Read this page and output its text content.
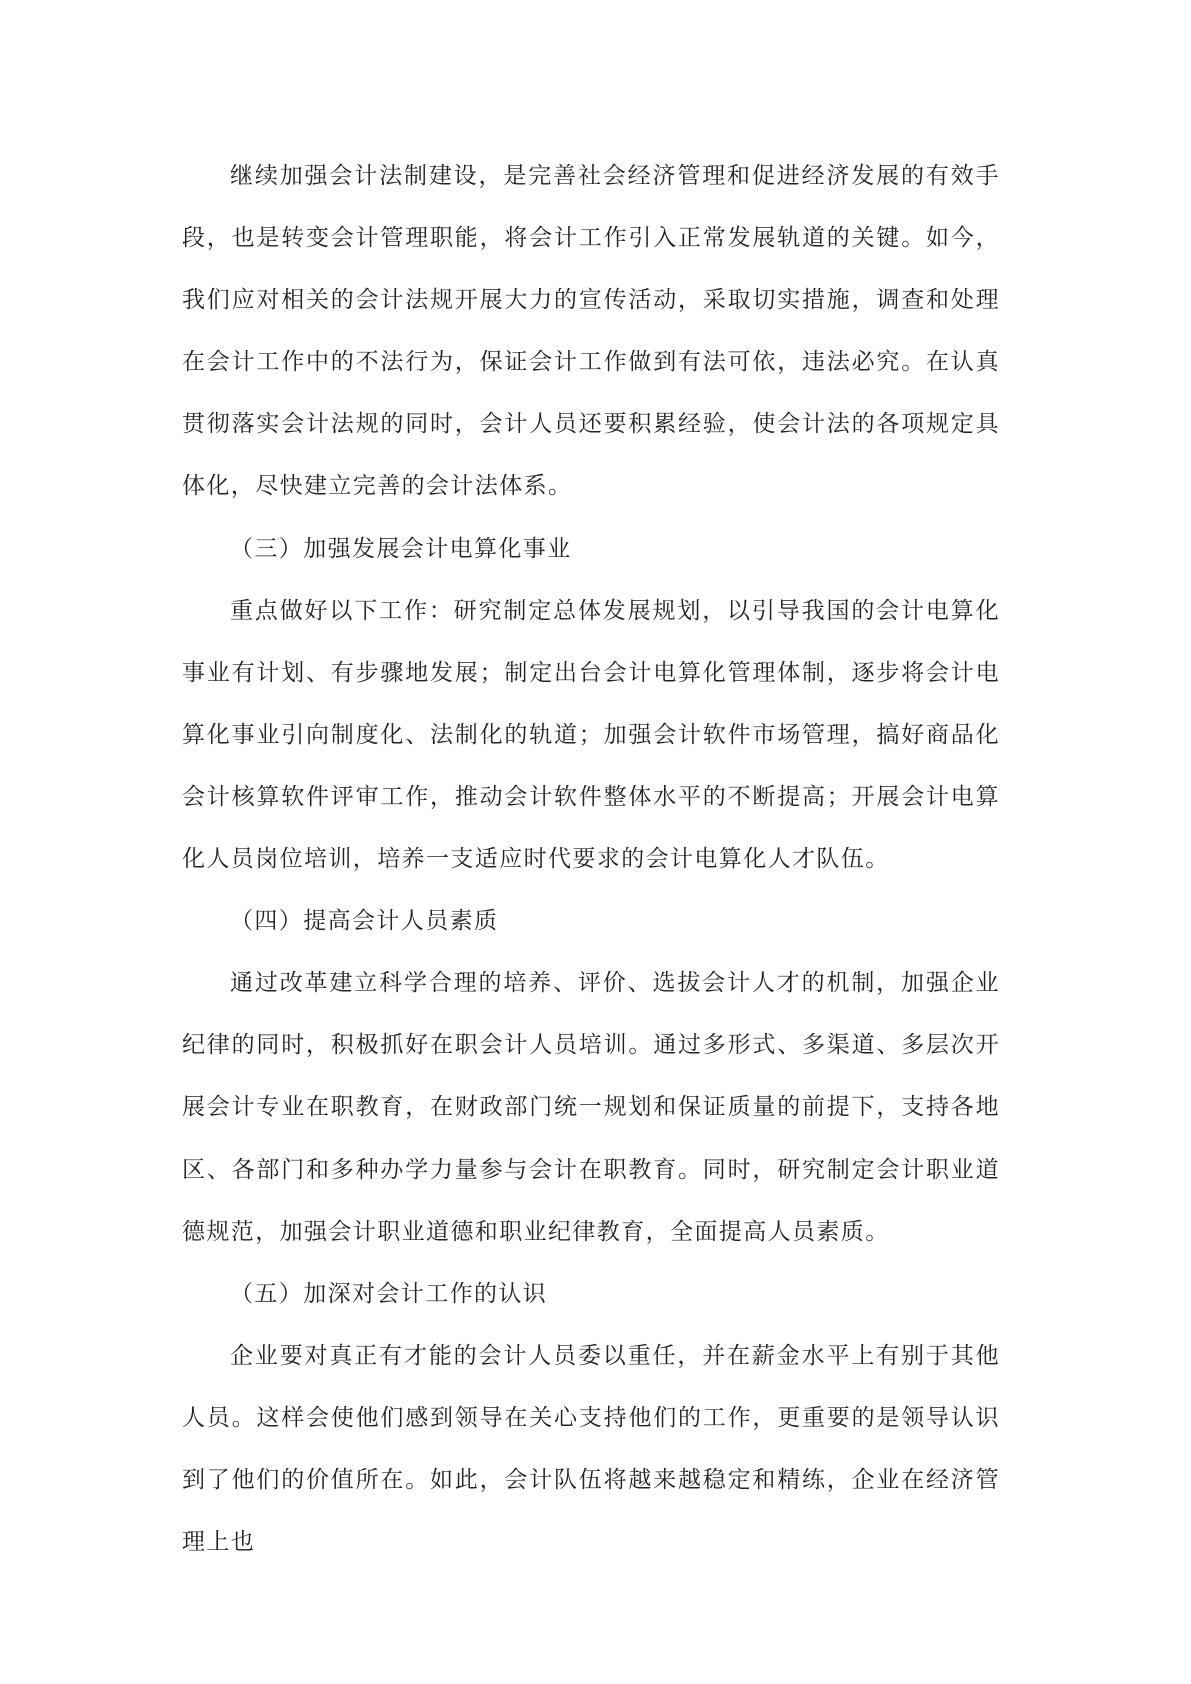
继续加强会计法制建设，是完善社会经济管理和促进经济发展的有效手段，也是转变会计管理职能，将会计工作引入正常发展轨道的关键。如今，我们应对相关的会计法规开展大力的宣传活动，采取切实措施，调查和处理在会计工作中的不法行为，保证会计工作做到有法可依，违法必究。在认真贯彻落实会计法规的同时，会计人员还要积累经验，使会计法的各项规定具体化，尽快建立完善的会计法体系。

（三）加强发展会计电算化事业

重点做好以下工作：研究制定总体发展规划，以引导我国的会计电算化事业有计划、有步骤地发展；制定出台会计电算化管理体制，逐步将会计电算化事业引向制度化、法制化的轨道；加强会计软件市场管理，搞好商品化会计核算软件评审工作，推动会计软件整体水平的不断提高；开展会计电算化人员岗位培训，培养一支适应时代要求的会计电算化人才队伍。

（四）提高会计人员素质

通过改革建立科学合理的培养、评价、选拔会计人才的机制，加强企业纪律的同时，积极抓好在职会计人员培训。通过多形式、多渠道、多层次开展会计专业在职教育，在财政部门统一规划和保证质量的前提下，支持各地区、各部门和多种办学力量参与会计在职教育。同时，研究制定会计职业道德规范，加强会计职业道德和职业纪律教育，全面提高人员素质。

（五）加深对会计工作的认识

企业要对真正有才能的会计人员委以重任，并在薪金水平上有别于其他人员。这样会使他们感到领导在关心支持他们的工作，更重要的是领导认识到了他们的价值所在。如此，会计队伍将越来越稳定和精练，企业在经济管理上也
